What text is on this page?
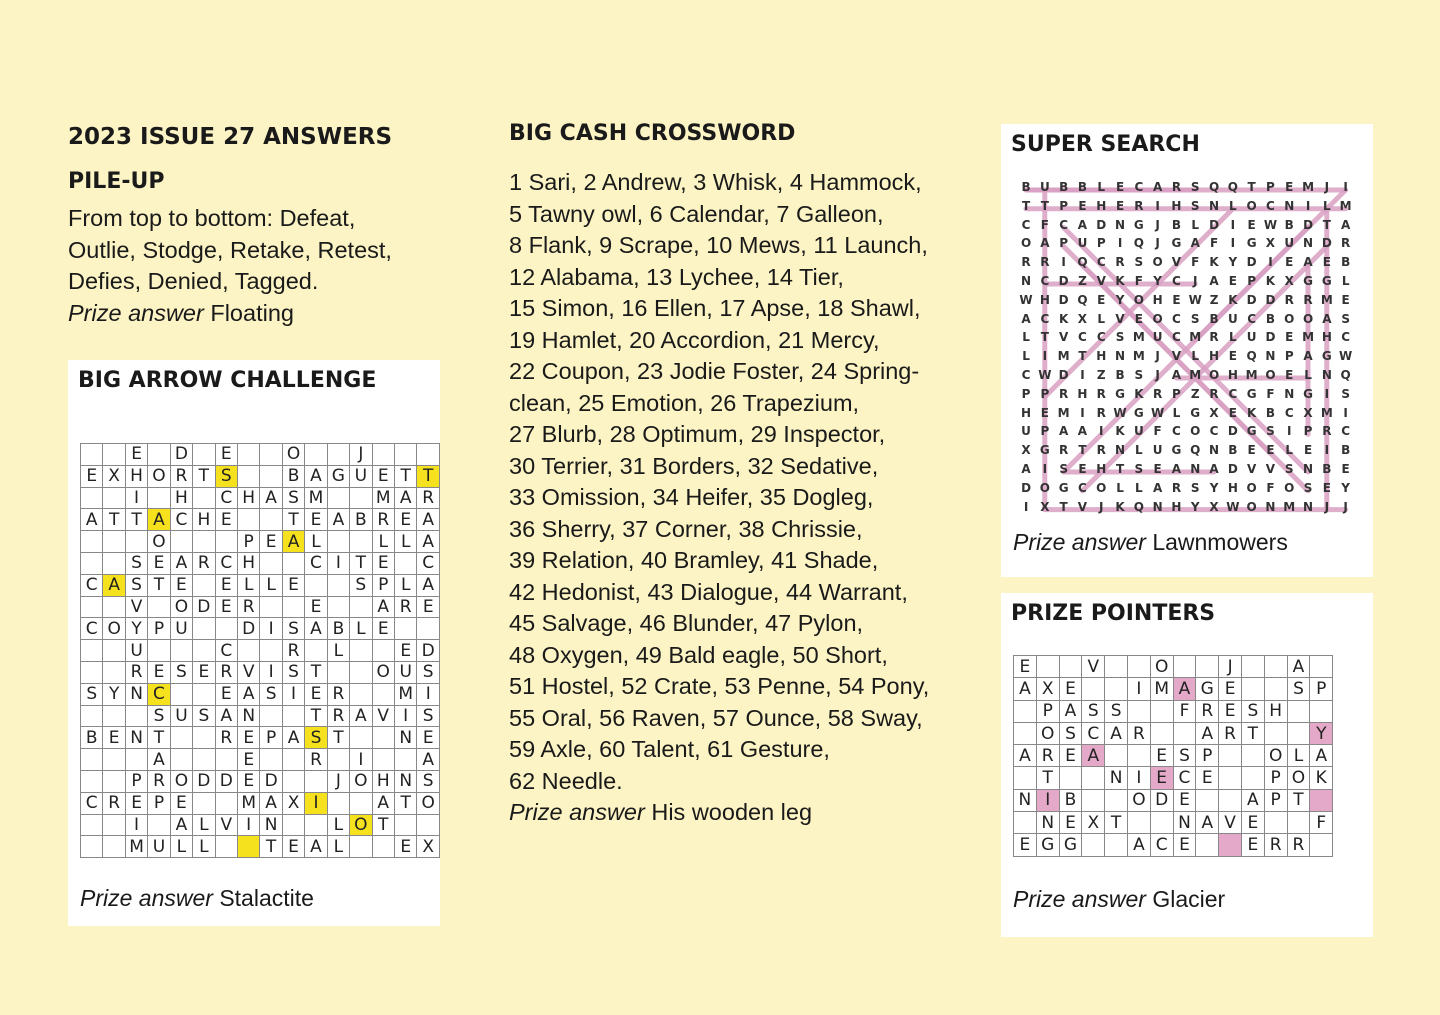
2023 ISSUE 27 ANSWERS
PILE-UP
From top to bottom: Defeat,
Outlie, Stodge, Retake, Retest,
Defies, Denied, Tagged.
Prize answer Floating
BIG CASH CROSSWORD
1 Sari, 2 Andrew, 3 Whisk, 4 Hammock,
5 Tawny owl, 6 Calendar, 7 Galleon,
8 Flank, 9 Scrape, 10 Mews, 11 Launch,
12 Alabama, 13 Lychee, 14 Tier,
15 Simon, 16 Ellen, 17 Apse, 18 Shawl,
19 Hamlet, 20 Accordion, 21 Mercy,
22 Coupon, 23 Jodie Foster, 24 Spring-
clean, 25 Emotion, 26 Trapezium,
27 Blurb, 28 Optimum, 29 Inspector,
30 Terrier, 31 Borders, 32 Sedative,
33 Omission, 34 Heifer, 35 Dogleg,
36 Sherry, 37 Corner, 38 Chrissie,
39 Relation, 40 Bramley, 41 Shade,
42 Hedonist, 43 Dialogue, 44 Warrant,
45 Salvage, 46 Blunder, 47 Pylon,
48 Oxygen, 49 Bald eagle, 50 Short,
51 Hostel, 52 Crate, 53 Penne, 54 Pony,
55 Oral, 56 Raven, 57 Ounce, 58 Sway,
59 Axle, 60 Talent, 61 Gesture,
62 Needle.
Prize answer His wooden leg
BIG ARROW CHALLENGE
		E		D		E			O			J			
E	X	H	O	R	T	S			B	A	G	U	E	T	T
		I		H		C	H	A	S	M			M	A	R
A	T	T	A	C	H	E			T	E	A	B	R	E	A
			O				P	E	A	L			L	L	A
		S	E	A	R	C	H			C	I	T	E		C
C	A	S	T	E		E	L	L	E			S	P	L	A
		V		O	D	E	R			E			A	R	E
C	O	Y	P	U			D	I	S	A	B	L	E		
		U				C			R		L			E	D
		R	E	S	E	R	V	I	S	T			O	U	S
S	Y	N	C			E	A	S	I	E	R			M	I
			S	U	S	A	N			T	R	A	V	I	S
B	E	N	T			R	E	P	A	S	T			N	E
			A				E			R		I			A
		P	R	O	D	D	E	D			J	O	H	N	S
C	R	E	P	E			M	A	X	I			A	T	O
		I		A	L	V	I	N			L	O	T		
		M	U	L	L			T	E	A	L			E	X
Prize answer Stalactite
SUPER SEARCH
B U B B L E C A R S Q Q T P E M J	I
T T P E H E R I H S N L O C N I	L M
C F C A D N G J B L D I	E W B D T A
O A P U P	I Q J G A F	I G X U N D R
R R I Q C R S O V F K Y D I	E A E B
N C D Z V K F Y C	J A E P K X G G L
W H D Q E Y O H E W Z K D D R R M E
A C K X L V E O C S B U C B O O A S
L T V C C S M U C M R L U D E M H C
L	I M T H N M J V L H E Q N P A G W
C W D I	Z B S	J A M O H M O E L N Q
P P R H R G K R P Z R C G F N G I	S
H E M I R W G W L G X E K B C X M I
U P A A I K U F C O C D G S	I	P R C
X G R T R N L U G Q N B E E L E	I B
A I	S E H T S E A N A D V V S N B E
D O G C O L L A R S Y H O F O S E Y
I X T V J K Q N H Y X W O N M N J	J
Prize answer Lawnmowers
PRIZE POINTERS
E			V			O			J			A	
A	X	E			I	M	A	G	E			S	P
	P	A	S	S			F	R	E	S	H		
	O	S	C	A	R			A	R	T			Y
A	R	E	A			E	S	P			O	L	A
	T			N	I	E	C	E			P	O	K
N	I	B			O	D	E			A	P	T	
	N	E	X	T			N	A	V	E			F
E	G	G			A	C	E			E	R	R	
Prize answer Glacier
